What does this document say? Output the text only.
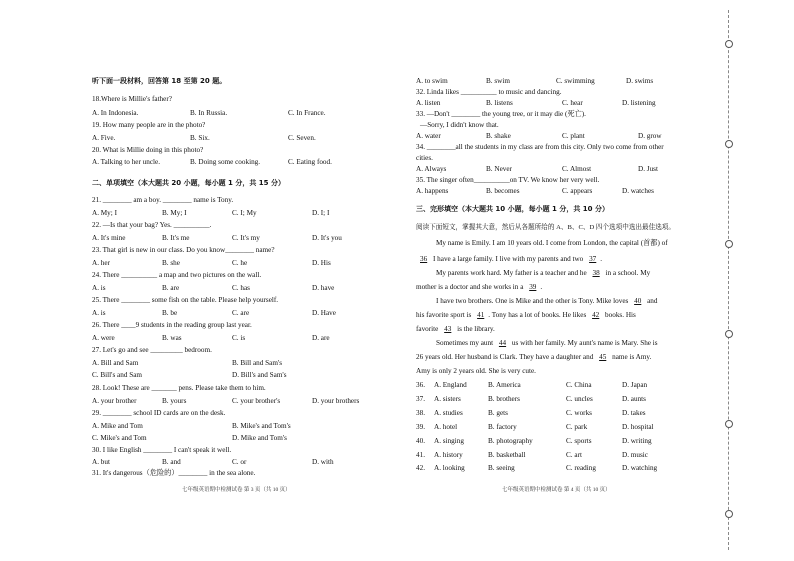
听下面一段材料，回答第 18 至第 20 题。
18.Where is Millie's father?
A. In Indonesia.	B. In Russia.	C. In France.
19. How many people are in the photo?
A. Five.	B. Six.	C. Seven.
20. What is Millie doing in this photo?
A. Talking to her uncle.	B. Doing some cooking.	C. Eating food.
二、单项填空（本大题共 20 小题，每小题 1 分，共 15 分）
21. ________ am a boy. ________ name is Tony.
A. My; I	B. My; I	C. I; My	D. I; I
22. —Is that your bag? Yes. __________.
A. It's mine	B. It's me	C. It's my	D. It's you
23. That girl is new in our class. Do you know________ name?
A. her	B. she	C. he	D. His
24. There __________ a map and two pictures on the wall.
A. is	B. are	C. has	D. have
25. There ________ some fish on the table. Please help yourself.
A. is	B. be	C. are	D. Have
26. There ____9 students in the reading group last year.
A. were	B. was	C. is	D. are
27. Let's go and see _________ bedroom.
A. Bill and Sam	B. Bill and Sam's
C. Bill's and Sam	D. Bill's and Sam's
28. Look! These are _______ pens. Please take them to him.
A. your brother	B. yours	C. your brother's	D. your brothers
29. ________ school ID cards are on the desk.
A. Mike and Tom	B. Mike's and Tom's
C. Mike's and Tom	D. Mike and Tom's
30. I like English ________ I can't speak it well.
A. but	B. and	C. or	D. with
31. It's dangerous（危险的）________ in the sea alone.
七年级英语期中检测试卷 第 3 页（共 10 页）
A. to swim	B. swim	C. swimming	D. swims
32. Linda likes __________ to music and dancing.
A. listen	B. listens	C. hear	D. listening
33. —Don't ________ the young tree, or it may die (死亡).
—Sorry, I didn't know that.
A. water	B. shake	C. plant	D. grow
34. ________all the students in my class are from this city. Only two come from other
cities.
A. Always	B. Never	C. Almost	D. Just
35. The singer often__________on TV. We know her very well.
A. happens	B. becomes	C. appears	D. watches
三、完形填空（本大题共 10 小题，每小题 1 分，共 10 分）
阅读下面短文，掌握其大意，然后从各题所给的 A、B、C、D 四个选项中选出最佳选项。
My name is Emily. I am 10 years old. I come from London, the capital (首都) of
36 I have a large family. I live with my parents and two 37 .
My parents work hard. My father is a teacher and he 38 in a school. My
mother is a doctor and she works in a 39 .
I have two brothers. One is Mike and the other is Tony. Mike loves 40 and
his favorite sport is 41 . Tony has a lot of books. He likes 42 books. His
favorite 43 is the library.
Sometimes my aunt 44 us with her family. My aunt's name is Mary. She is
26 years old. Her husband is Clark. They have a daughter and 45 name is Amy.
Amy is only 2 years old. She is very cute.
36. A. England	B. America	C. China	D. Japan
37. A. sisters	B. brothers	C. uncles	D. aunts
38. A. studies	B. gets	C. works	D. takes
39. A. hotel	B. factory	C. park	D. hospital
40. A. singing	B. photography	C. sports	D. writing
41. A. history	B. basketball	C. art	D. music
42. A. looking	B. seeing	C. reading	D. watching
七年级英语期中检测试卷 第 4 页（共 10 页）
